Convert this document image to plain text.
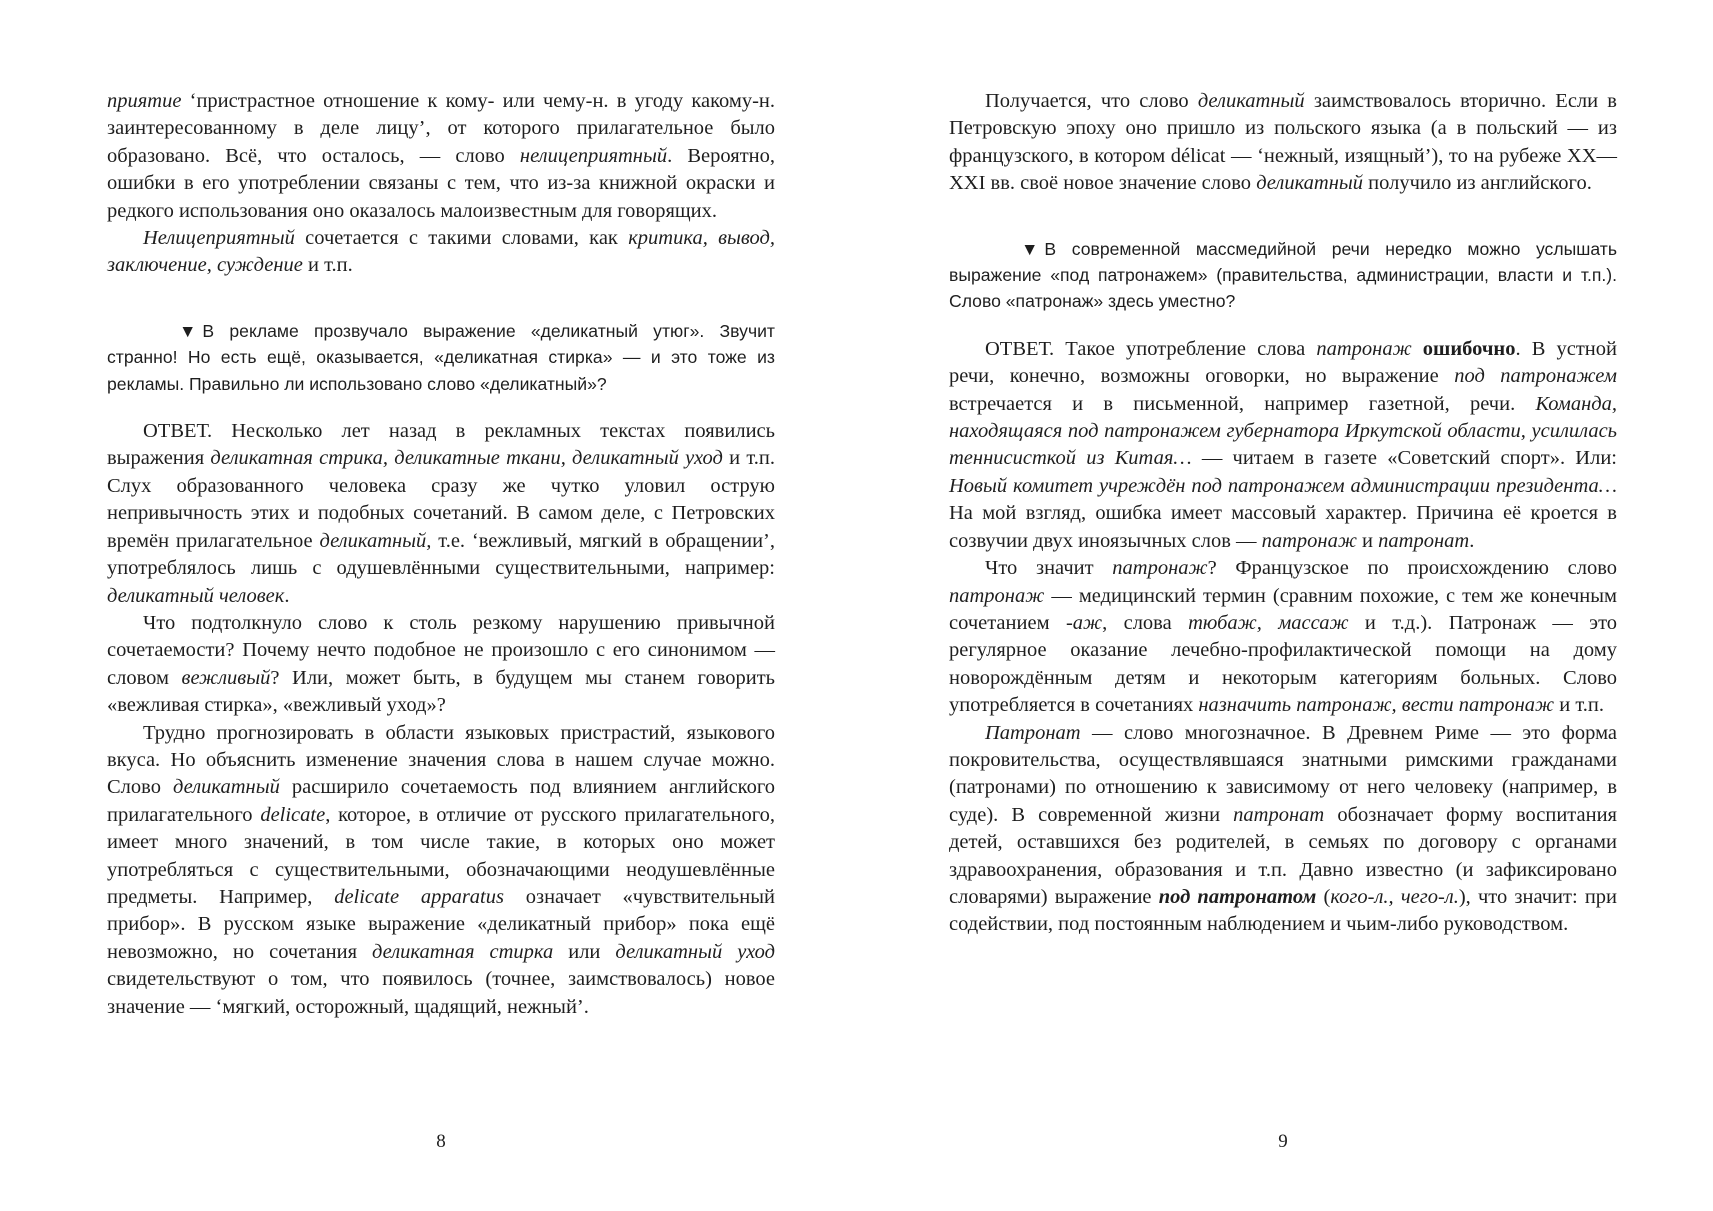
приятие ‘пристрастное отношение к кому- или чему-н. в угоду какому-н. заинтересованному в деле лицу’, от которого прилагательное было образовано. Всё, что осталось, — слово нелицеприятный. Вероятно, ошибки в его употреблении связаны с тем, что из-за книжной окраски и редкого использования оно оказалось малоизвестным для говорящих.

Нелицеприятный сочетается с такими словами, как критика, вывод, заключение, суждение и т.п.

▼ В рекламе прозвучало выражение «деликатный утюг». Звучит странно! Но есть ещё, оказывается, «деликатная стирка» — и это тоже из рекламы. Правильно ли использовано слово «деликатный»?

ОТВЕТ. Несколько лет назад в рекламных текстах появились выражения деликатная стрика, деликатные ткани, деликатный уход и т.п. Слух образованного человека сразу же чутко уловил острую непривычность этих и подобных сочетаний. В самом деле, с Петровских времён прилагательное деликатный, т.е. ‘вежливый, мягкий в обращении’, употреблялось лишь с одушевлёнными существительными, например: деликатный человек.

Что подтолкнуло слово к столь резкому нарушению привычной сочетаемости? Почему нечто подобное не произошло с его синонимом — словом вежливый? Или, может быть, в будущем мы станем говорить «вежливая стирка», «вежливый уход»?

Трудно прогнозировать в области языковых пристрастий, языкового вкуса. Но объяснить изменение значения слова в нашем случае можно. Слово деликатный расширило сочетаемость под влиянием английского прилагательного delicate, которое, в отличие от русского прилагательного, имеет много значений, в том числе такие, в которых оно может употребляться с существительными, обозначающими неодушевлённые предметы. Например, delicate apparatus означает «чувствительный прибор». В русском языке выражение «деликатный прибор» пока ещё невозможно, но сочетания деликатная стирка или деликатный уход свидетельствуют о том, что появилось (точнее, заимствовалось) новое значение — ‘мягкий, осторожный, щадящий, нежный’.

8

Получается, что слово деликатный заимствовалось вторично. Если в Петровскую эпоху оно пришло из польского языка (а в польский — из французского, в котором délicat — ‘нежный, изящный’), то на рубеже XX—XXI вв. своё новое значение слово деликатный получило из английского.

▼ В современной массмедийной речи нередко можно услышать выражение «под патронажем» (правительства, администрации, власти и т.п.). Слово «патронаж» здесь уместно?

ОТВЕТ. Такое употребление слова патронаж ошибочно. В устной речи, конечно, возможны оговорки, но выражение под патронажем встречается и в письменной, например газетной, речи. Команда, находящаяся под патронажем губернатора Иркутской области, усилилась теннисисткой из Китая… — читаем в газете «Советский спорт». Или: Новый комитет учреждён под патронажем администрации президента… На мой взгляд, ошибка имеет массовый характер. Причина её кроется в созвучии двух иноязычных слов — патронаж и патронат.

Что значит патронаж? Французское по происхождению слово патронаж — медицинский термин (сравним похожие, с тем же конечным сочетанием -аж, слова тюбаж, массаж и т.д.). Патронаж — это регулярное оказание лечебно-профилактической помощи на дому новорождённым детям и некоторым категориям больных. Слово употребляется в сочетаниях назначить патронаж, вести патронаж и т.п.

Патронат — слово многозначное. В Древнем Риме — это форма покровительства, осуществлявшаяся знатными римскими гражданами (патронами) по отношению к зависимому от него человеку (например, в суде). В современной жизни патронат обозначает форму воспитания детей, оставшихся без родителей, в семьях по договору с органами здравоохранения, образования и т.п. Давно известно (и зафиксировано словарями) выражение под патронатом (кого-л., чего-л.), что значит: при содействии, под постоянным наблюдением и чьим-либо руководством.

9
